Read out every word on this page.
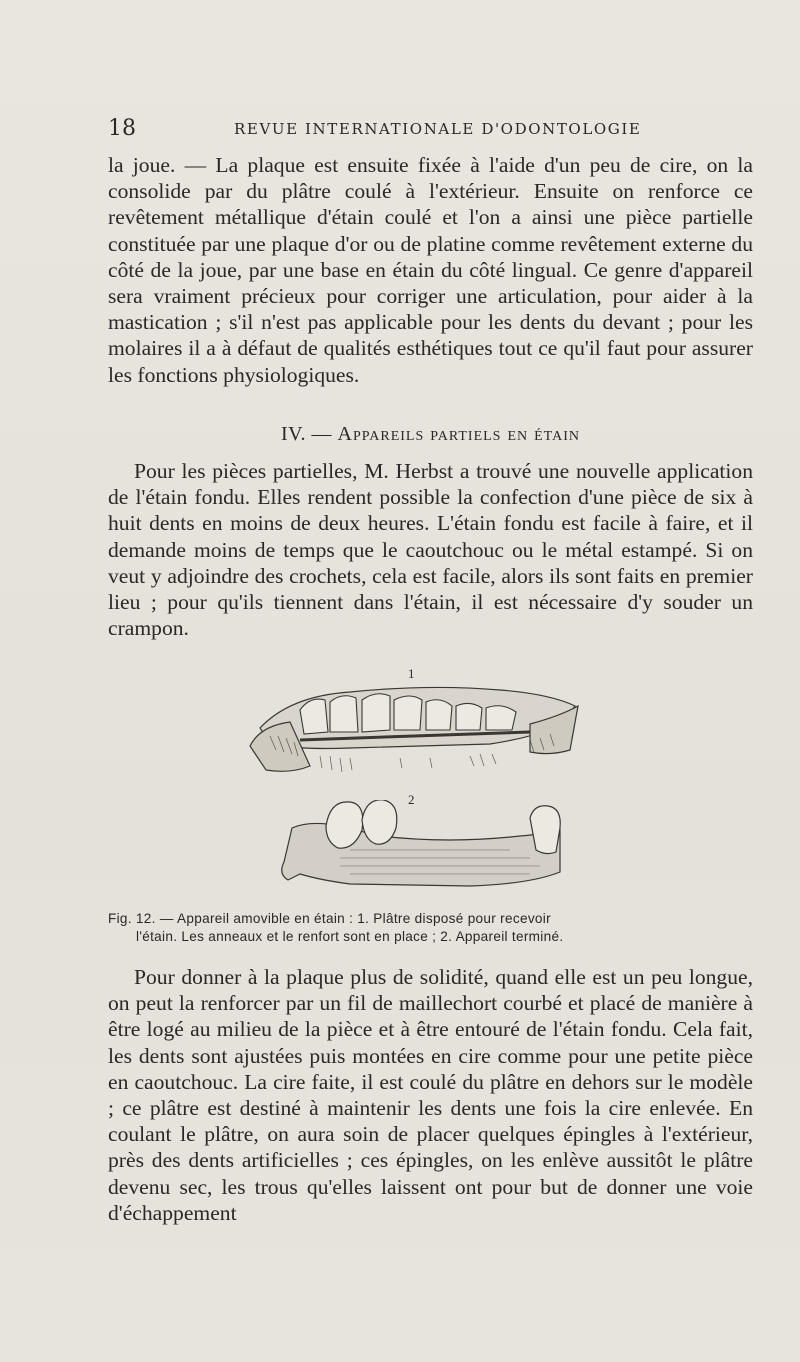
18	REVUE INTERNATIONALE D'ODONTOLOGIE

la joue. — La plaque est ensuite fixée à l'aide d'un peu de cire, on la consolide par du plâtre coulé à l'extérieur. Ensuite on renforce ce revêtement métallique d'étain coulé et l'on a ainsi une pièce partielle constituée par une plaque d'or ou de platine comme revêtement externe du côté de la joue, par une base en étain du côté lingual. Ce genre d'appareil sera vraiment précieux pour corriger une articulation, pour aider à la mastication ; s'il n'est pas applicable pour les dents du devant ; pour les molaires il a à défaut de qualités esthétiques tout ce qu'il faut pour assurer les fonctions physiologiques.

IV. — Appareils partiels en étain

Pour les pièces partielles, M. Herbst a trouvé une nouvelle application de l'étain fondu. Elles rendent possible la confection d'une pièce de six à huit dents en moins de deux heures. L'étain fondu est facile à faire, et il demande moins de temps que le caoutchouc ou le métal estampé. Si on veut y adjoindre des crochets, cela est facile, alors ils sont faits en premier lieu ; pour qu'ils tiennent dans l'étain, il est nécessaire d'y souder un crampon.

1
2
Fig. 12. — Appareil amovible en étain : 1. Plâtre disposé pour recevoir
l'étain. Les anneaux et le renfort sont en place ; 2. Appareil terminé.

Pour donner à la plaque plus de solidité, quand elle est un peu longue, on peut la renforcer par un fil de maillechort courbé et placé de manière à être logé au milieu de la pièce et à être entouré de l'étain fondu. Cela fait, les dents sont ajustées puis montées en cire comme pour une petite pièce en caoutchouc. La cire faite, il est coulé du plâtre en dehors sur le modèle ; ce plâtre est destiné à maintenir les dents une fois la cire enlevée. En coulant le plâtre, on aura soin de placer quelques épingles à l'extérieur, près des dents artificielles ; ces épingles, on les enlève aussitôt le plâtre devenu sec, les trous qu'elles laissent ont pour but de donner une voie d'échappement
